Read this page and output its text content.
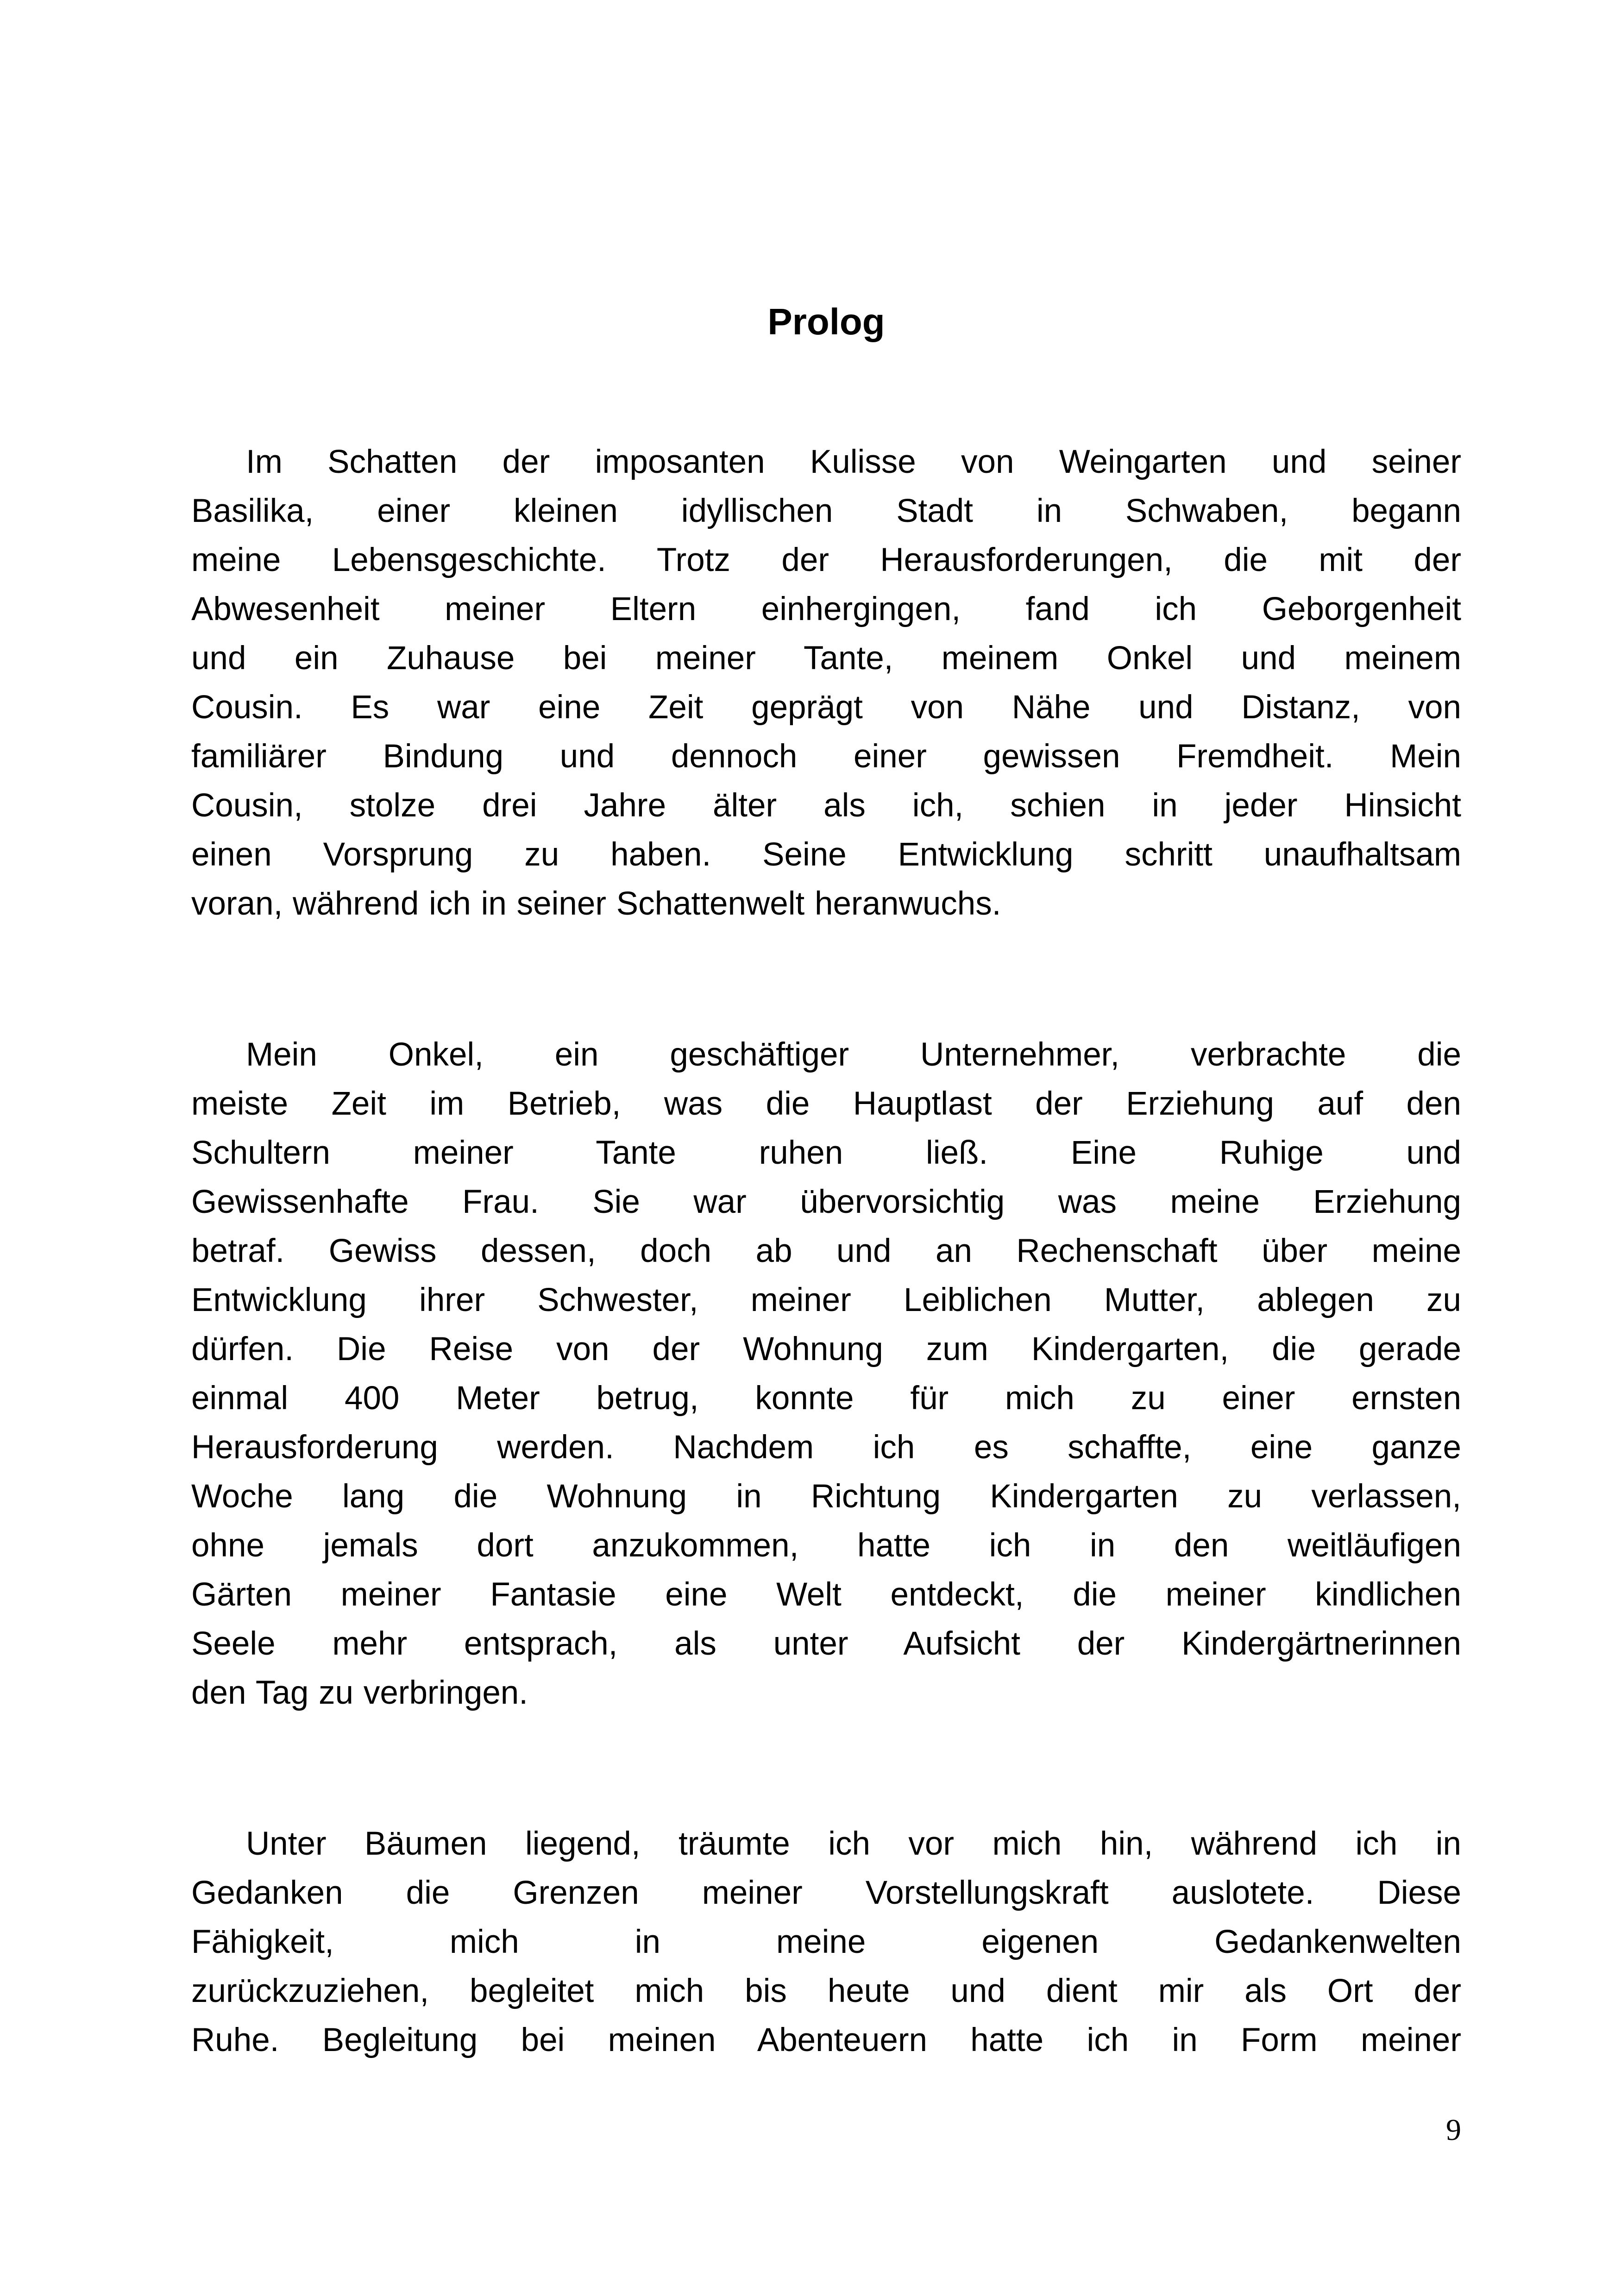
Prolog

Im Schatten der imposanten Kulisse von Weingarten und seiner
Basilika, einer kleinen idyllischen Stadt in Schwaben, begann
meine Lebensgeschichte. Trotz der Herausforderungen, die mit der
Abwesenheit meiner Eltern einhergingen, fand ich Geborgenheit
und ein Zuhause bei meiner Tante, meinem Onkel und meinem
Cousin. Es war eine Zeit geprägt von Nähe und Distanz, von
familiärer Bindung und dennoch einer gewissen Fremdheit. Mein
Cousin, stolze drei Jahre älter als ich, schien in jeder Hinsicht
einen Vorsprung zu haben. Seine Entwicklung schritt unaufhaltsam
voran, während ich in seiner Schattenwelt heranwuchs.

Mein Onkel, ein geschäftiger Unternehmer, verbrachte die
meiste Zeit im Betrieb, was die Hauptlast der Erziehung auf den
Schultern meiner Tante ruhen ließ. Eine Ruhige und
Gewissenhafte Frau. Sie war übervorsichtig was meine Erziehung
betraf. Gewiss dessen, doch ab und an Rechenschaft über meine
Entwicklung ihrer Schwester, meiner Leiblichen Mutter, ablegen zu
dürfen. Die Reise von der Wohnung zum Kindergarten, die gerade
einmal 400 Meter betrug, konnte für mich zu einer ernsten
Herausforderung werden. Nachdem ich es schaffte, eine ganze
Woche lang die Wohnung in Richtung Kindergarten zu verlassen,
ohne jemals dort anzukommen, hatte ich in den weitläufigen
Gärten meiner Fantasie eine Welt entdeckt, die meiner kindlichen
Seele mehr entsprach, als unter Aufsicht der Kindergärtnerinnen
den Tag zu verbringen.

Unter Bäumen liegend, träumte ich vor mich hin, während ich in
Gedanken die Grenzen meiner Vorstellungskraft auslotete. Diese
Fähigkeit, mich in meine eigenen Gedankenwelten
zurückzuziehen, begleitet mich bis heute und dient mir als Ort der
Ruhe. Begleitung bei meinen Abenteuern hatte ich in Form meiner

9
